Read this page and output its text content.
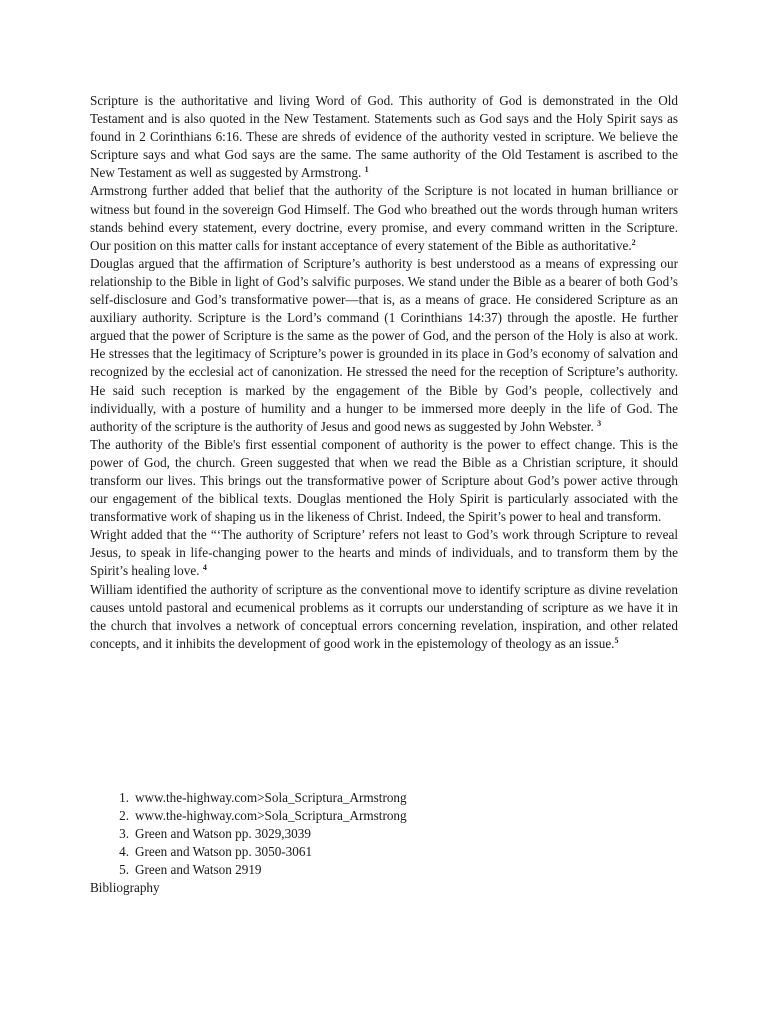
Scripture is the authoritative and living Word of God. This authority of God is demonstrated in the Old Testament and is also quoted in the New Testament. Statements such as God says and the Holy Spirit says as found in 2 Corinthians 6:16. These are shreds of evidence of the authority vested in scripture. We believe the Scripture says and what God says are the same. The same authority of the Old Testament is ascribed to the New Testament as well as suggested by Armstrong. $^1$

Armstrong further added that belief that the authority of the Scripture is not located in human brilliance or witness but found in the sovereign God Himself. The God who breathed out the words through human writers stands behind every statement, every doctrine, every promise, and every command written in the Scripture. Our position on this matter calls for instant acceptance of every statement of the Bible as authoritative.$^2$

Douglas argued that the affirmation of Scripture’s authority is best understood as a means of expressing our relationship to the Bible in light of God’s salvific purposes. We stand under the Bible as a bearer of both God’s self-disclosure and God’s transformative power—that is, as a means of grace. He considered Scripture as an auxiliary authority. Scripture is the Lord’s command (1 Corinthians 14:37) through the apostle. He further argued that the power of Scripture is the same as the power of God, and the person of the Holy is also at work. He stresses that the legitimacy of Scripture’s power is grounded in its place in God’s economy of salvation and recognized by the ecclesial act of canonization. He stressed the need for the reception of Scripture’s authority. He said such reception is marked by the engagement of the Bible by God’s people, collectively and individually, with a posture of humility and a hunger to be immersed more deeply in the life of God. The authority of the scripture is the authority of Jesus and good news as suggested by John Webster. $^3$

The authority of the Bible's first essential component of authority is the power to effect change. This is the power of God, the church. Green suggested that when we read the Bible as a Christian scripture, it should transform our lives. This brings out the transformative power of Scripture about God’s power active through our engagement of the biblical texts. Douglas mentioned the Holy Spirit is particularly associated with the transformative work of shaping us in the likeness of Christ. Indeed, the Spirit’s power to heal and transform.

Wright added that the “‘The authority of Scripture’ refers not least to God’s work through Scripture to reveal Jesus, to speak in life-changing power to the hearts and minds of individuals, and to transform them by the Spirit’s healing love. $^4$

William identified the authority of scripture as the conventional move to identify scripture as divine revelation causes untold pastoral and ecumenical problems as it corrupts our understanding of scripture as we have it in the church that involves a network of conceptual errors concerning revelation, inspiration, and other related concepts, and it inhibits the development of good work in the epistemology of theology as an issue.$^5$

1. www.the-highway.com>Sola_Scriptura_Armstrong
2. www.the-highway.com>Sola_Scriptura_Armstrong
3. Green and Watson pp. 3029,3039
4. Green and Watson pp. 3050-3061
5. Green and Watson 2919

Bibliography
